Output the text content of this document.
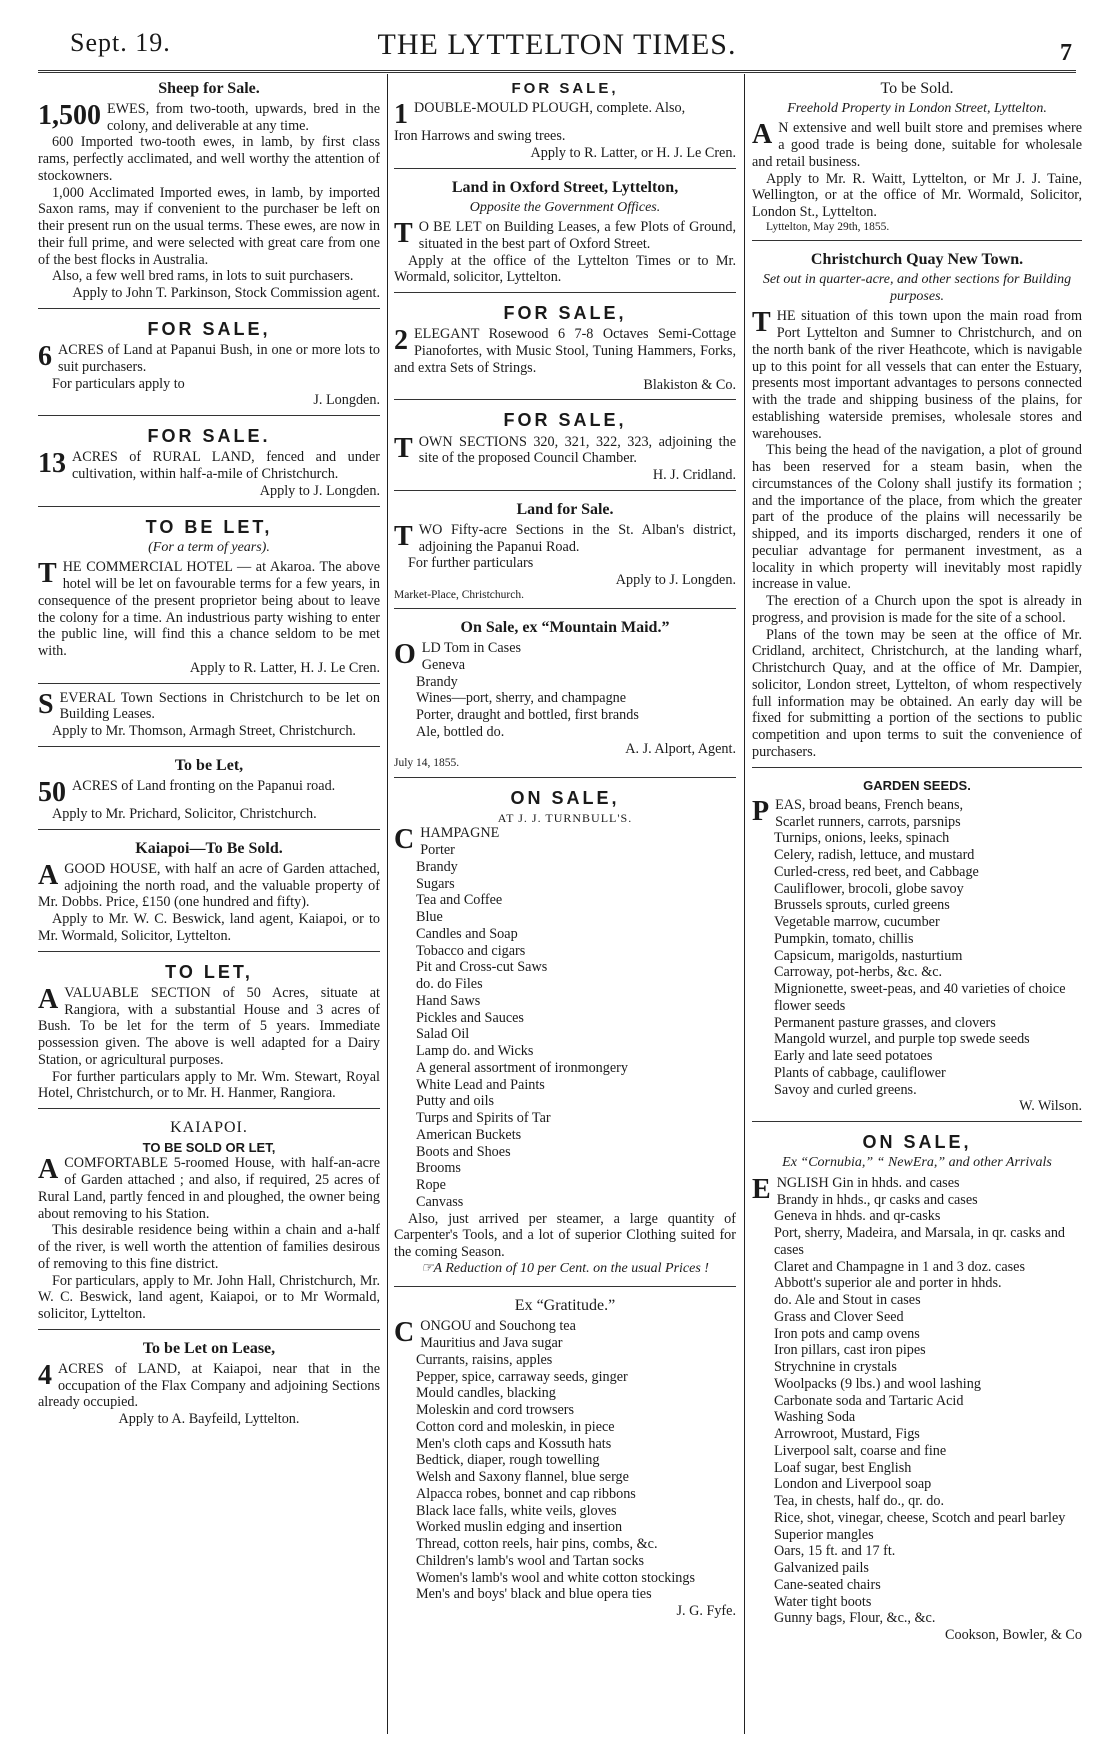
Sept. 19.	THE LYTTELTON TIMES.	7
Sheep for Sale.
1,500 EWES, from two-tooth, upwards, bred in the colony, and deliverable at any time.
600 Imported two-tooth ewes, in lamb, by first class rams, perfectly acclimated, and well worthy the attention of stockowners.
1,000 Acclimated Imported ewes, in lamb, by imported Saxon rams, may if convenient to the purchaser be left on their present run on the usual terms. These ewes, are now in their full prime, and were selected with great care from one of the best flocks in Australia.
Also, a few well bred rams, in lots to suit purchasers.
Apply to John T. Parkinson, Stock Commission agent.
FOR SALE,
6 ACRES of Land at Papanui Bush, in one or more lots to suit purchasers.
For particulars apply to
J. Longden.
FOR SALE.
13 ACRES of RURAL LAND, fenced and under cultivation, within half-a-mile of Christchurch.
Apply to J. Longden.
TO BE LET,
(For a term of years).
THE COMMERCIAL HOTEL — at Akaroa. The above hotel will be let on favourable terms for a few years, in consequence of the present proprietor being about to leave the colony for a time. An industrious party wishing to enter the public line, will find this a chance seldom to be met with.
Apply to R. Latter, H. J. Le Cren.
SEVERAL Town Sections in Christchurch to be let on Building Leases.
Apply to Mr. Thomson, Armagh Street, Christchurch.
To be Let,
50 ACRES of Land fronting on the Papanui road.
Apply to Mr. Prichard, Solicitor, Christchurch.
Kaiapoi—To Be Sold.
AGOOD HOUSE, with half an acre of Garden attached, adjoining the north road, and the valuable property of Mr. Dobbs. Price, £150 (one hundred and fifty).
Apply to Mr. W. C. Beswick, land agent, Kaiapoi, or to Mr. Wormald, Solicitor, Lyttelton.
TO LET,
AVALUABLE SECTION of 50 Acres, situate at Rangiora, with a substantial House and 3 acres of Bush. To be let for the term of 5 years. Immediate possession given. The above is well adapted for a Dairy Station, or agricultural purposes.
For further particulars apply to Mr. Wm. Stewart, Royal Hotel, Christchurch, or to Mr. H. Hanmer, Rangiora.
KAIAPOI.
TO BE SOLD OR LET,
ACOMFORTABLE 5-roomed House, with half-an-acre of Garden attached ; and also, if required, 25 acres of Rural Land, partly fenced in and ploughed, the owner being about removing to his Station.
This desirable residence being within a chain and a-half of the river, is well worth the attention of families desirous of removing to this fine district.
For particulars, apply to Mr. John Hall, Christchurch, Mr. W. C. Beswick, land agent, Kaiapoi, or to Mr Wormald, solicitor, Lyttelton.
To be Let on Lease,
4 ACRES of LAND, at Kaiapoi, near that in the occupation of the Flax Company and adjoining Sections already occupied.
Apply to A. Bayfeild, Lyttelton.
FOR SALE,
1 DOUBLE-MOULD PLOUGH, complete. Also,
Iron Harrows and swing trees.
Apply to R. Latter, or H. J. Le Cren.
Land in Oxford Street, Lyttelton,
Opposite the Government Offices.
T O BE LET on Building Leases, a few Plots of Ground, situated in the best part of Oxford Street.
Apply at the office of the Lyttelton Times or to Mr. Wormald, solicitor, Lyttelton.
FOR SALE,
2 ELEGANT Rosewood 6 7-8 Octaves Semi-Cottage Pianofortes, with Music Stool, Tuning Hammers, Forks, and extra Sets of Strings.
Blakiston & Co.
FOR SALE,
TOWN SECTIONS 320, 321, 322, 323, adjoining the site of the proposed Council Chamber.
H. J. Cridland.
Land for Sale.
TWO Fifty-acre Sections in the St. Alban's district, adjoining the Papanui Road.
For further particulars
Apply to J. Longden.
Market-Place, Christchurch.
On Sale, ex “Mountain Maid.”
OLD Tom in Cases
Geneva
Brandy
Wines—port, sherry, and champagne
Porter, draught and bottled, first brands
Ale, bottled do.
A. J. Alport, Agent.
July 14, 1855.
ON SALE,
AT J. J. TURNBULL'S.
CHAMPAGNE
Porter
Brandy
Sugars
Tea and Coffee
Blue
Candles and Soap
Tobacco and cigars
Pit and Cross-cut Saws
do. do Files
Hand Saws
Pickles and Sauces
Salad Oil
Lamp do. and Wicks
A general assortment of ironmongery
White Lead and Paints
Putty and oils
Turps and Spirits of Tar
American Buckets
Boots and Shoes
Brooms
Rope
Canvass
Also, just arrived per steamer, a large quantity of Carpenter's Tools, and a lot of superior Clothing suited for the coming Season.
☞A Reduction of 10 per Cent. on the usual Prices !
Ex “Gratitude.”
CONGOU and Souchong tea
Mauritius and Java sugar
Currants, raisins, apples
Pepper, spice, carraway seeds, ginger
Mould candles, blacking
Moleskin and cord trowsers
Cotton cord and moleskin, in piece
Men's cloth caps and Kossuth hats
Bedtick, diaper, rough towelling
Welsh and Saxony flannel, blue serge
Alpacca robes, bonnet and cap ribbons
Black lace falls, white veils, gloves
Worked muslin edging and insertion
Thread, cotton reels, hair pins, combs, &c.
Children's lamb's wool and Tartan socks
Women's lamb's wool and white cotton stockings
Men's and boys' black and blue opera ties
J. G. Fyfe.
To be Sold.
Freehold Property in London Street, Lyttelton.
A N extensive and well built store and premises where a good trade is being done, suitable for wholesale and retail business.
Apply to Mr. R. Waitt, Lyttelton, or Mr J. J. Taine, Wellington, or at the office of Mr. Wormald, Solicitor, London St., Lyttelton.
Lyttelton, May 29th, 1855.
Christchurch Quay New Town.
Set out in quarter-acre, and other sections for Building purposes.
THE situation of this town upon the main road from Port Lyttelton and Sumner to Christchurch, and on the north bank of the river Heathcote, which is navigable up to this point for all vessels that can enter the Estuary, presents most important advantages to persons connected with the trade and shipping business of the plains, for establishing waterside premises, wholesale stores and warehouses.
This being the head of the navigation, a plot of ground has been reserved for a steam basin, when the circumstances of the Colony shall justify its formation ; and the importance of the place, from which the greater part of the produce of the plains will necessarily be shipped, and its imports discharged, renders it one of peculiar advantage for permanent investment, as a locality in which property will inevitably most rapidly increase in value.
The erection of a Church upon the spot is already in progress, and provision is made for the site of a school.
Plans of the town may be seen at the office of Mr. Cridland, architect, Christchurch, at the landing wharf, Christchurch Quay, and at the office of Mr. Dampier, solicitor, London street, Lyttelton, of whom respectively full information may be obtained. An early day will be fixed for submitting a portion of the sections to public competition and upon terms to suit the convenience of purchasers.
GARDEN SEEDS.
PEAS, broad beans, French beans,
Scarlet runners, carrots, parsnips
Turnips, onions, leeks, spinach
Celery, radish, lettuce, and mustard
Curled-cress, red beet, and Cabbage
Cauliflower, brocoli, globe savoy
Brussels sprouts, curled greens
Vegetable marrow, cucumber
Pumpkin, tomato, chillis
Capsicum, marigolds, nasturtium
Carroway, pot-herbs, &c. &c.
Mignionette, sweet-peas, and 40 varieties of choice flower seeds
Permanent pasture grasses, and clovers
Mangold wurzel, and purple top swede seeds
Early and late seed potatoes
Plants of cabbage, cauliflower
Savoy and curled greens.
W. Wilson.
ON SALE,
Ex “Cornubia,” “ NewEra,” and other Arrivals
ENGLISH Gin in hhds. and cases
Brandy in hhds., qr casks and cases
Geneva in hhds. and qr-casks
Port, sherry, Madeira, and Marsala, in qr. casks and cases
Claret and Champagne in 1 and 3 doz. cases
Abbott's superior ale and porter in hhds.
do. Ale and Stout in cases
Grass and Clover Seed
Iron pots and camp ovens
Iron pillars, cast iron pipes
Strychnine in crystals
Woolpacks (9 lbs.) and wool lashing
Carbonate soda and Tartaric Acid
Washing Soda
Arrowroot, Mustard, Figs
Liverpool salt, coarse and fine
Loaf sugar, best English
London and Liverpool soap
Tea, in chests, half do., qr. do.
Rice, shot, vinegar, cheese, Scotch and pearl barley
Superior mangles
Oars, 15 ft. and 17 ft.
Galvanized pails
Cane-seated chairs
Water tight boots
Gunny bags, Flour, &c., &c.
Cookson, Bowler, & Co
